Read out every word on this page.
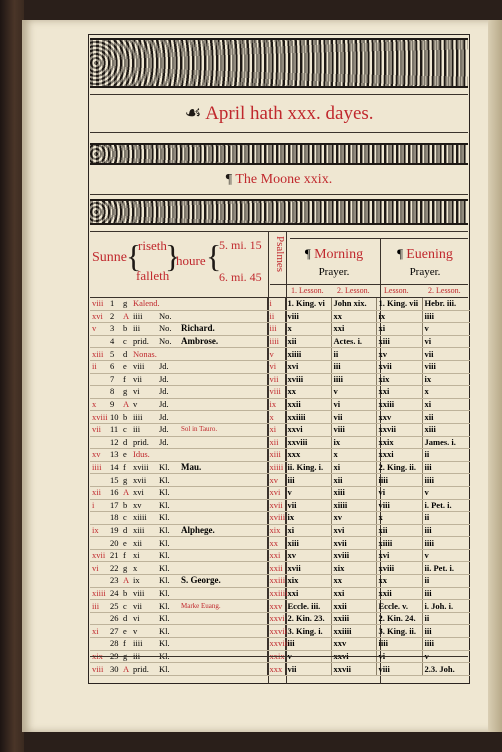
☙ April hath xxx. dayes.
¶ The Moone xxix.
Sunne {
riseth
falleth
}
houre {
5. mi. 15
6. mi. 45
Psalmes	¶ Morning
Prayer.
¶ Euening
Prayer.
1. Lesson. 2. Lesson. Lesson. 2. Lesson.
viii	1	g	Kalend.			i	1. King. vi	John xix.	1. King. vii	Hebr. iii.
xvi	2	A	iiii	No.		ii	viii	xx	ix	iiii
v	3	b	iii	No.	Richard.	iii	x	xxi	xi	v
	4	c	prid.	No.	Ambrose.	iiii	xii	Actes. i.	xiii	vi
xiii	5	d	Nonas.			v	xiiii	ii	xv	vii
ii	6	e	viii	Jd.		vi	xvi	iii	xvii	viii
	7	f	vii	Jd.		vii	xviii	iiii	xix	ix
	8	g	vi	Jd.		viii	xx	v	xxi	x
x	9	A	v	Jd.		ix	xxii	vi	xxiii	xi
xviii	10	b	iiii	Jd.		x	xxiiii	vii	xxv	xii
vii	11	c	iii	Jd.	Sol in Tauro.	xi	xxvi	viii	xxvii	xiii
	12	d	prid.	Jd.		xii	xxviii	ix	xxix	James. i.
xv	13	e	Idus.			xiii	xxx	x	xxxi	ii
iiii	14	f	xviii	Kl.	Mau.	xiiii	ii. King. i.	xi	2. King. ii.	iii
	15	g	xvii	Kl.		xv	iii	xii	iiii	iiii
xii	16	A	xvi	Kl.		xvi	v	xiii	vi	v
i	17	b	xv	Kl.		xvii	vii	xiiii	viii	i. Pet. i.
	18	c	xiiii	Kl.		xviii	ix	xv	x	ii
ix	19	d	xiii	Kl.	Alphege.	xix	xi	xvi	xii	iii
	20	e	xii	Kl.		xx	xiii	xvii	xiiii	iiii
xvii	21	f	xi	Kl.		xxi	xv	xviii	xvi	v
vi	22	g	x	Kl.		xxii	xvii	xix	xviii	ii. Pet. i.
	23	A	ix	Kl.	S. George.	xxiii	xix	xx	xx	ii
xiiii	24	b	viii	Kl.		xxiiii	xxi	xxi	xxii	iii
iii	25	c	vii	Kl.	Marke Euang.	xxv	Eccle. iii.	xxii	Eccle. v.	i. Joh. i.
	26	d	vi	Kl.		xxvi	2. Kin. 23.	xxiii	2. Kin. 24.	ii
xi	27	e	v	Kl.		xxvii	3. King. i.	xxiiii	3. King. ii.	iii
	28	f	iiii	Kl.		xxviii	iii	xxv	iiii	iiii
xix	29	g	iii	Kl.		xxix	v	xxvi	vi	v
viii	30	A	prid.	Kl.		xxx	vii	xxvii	viii	2.3. Joh.
